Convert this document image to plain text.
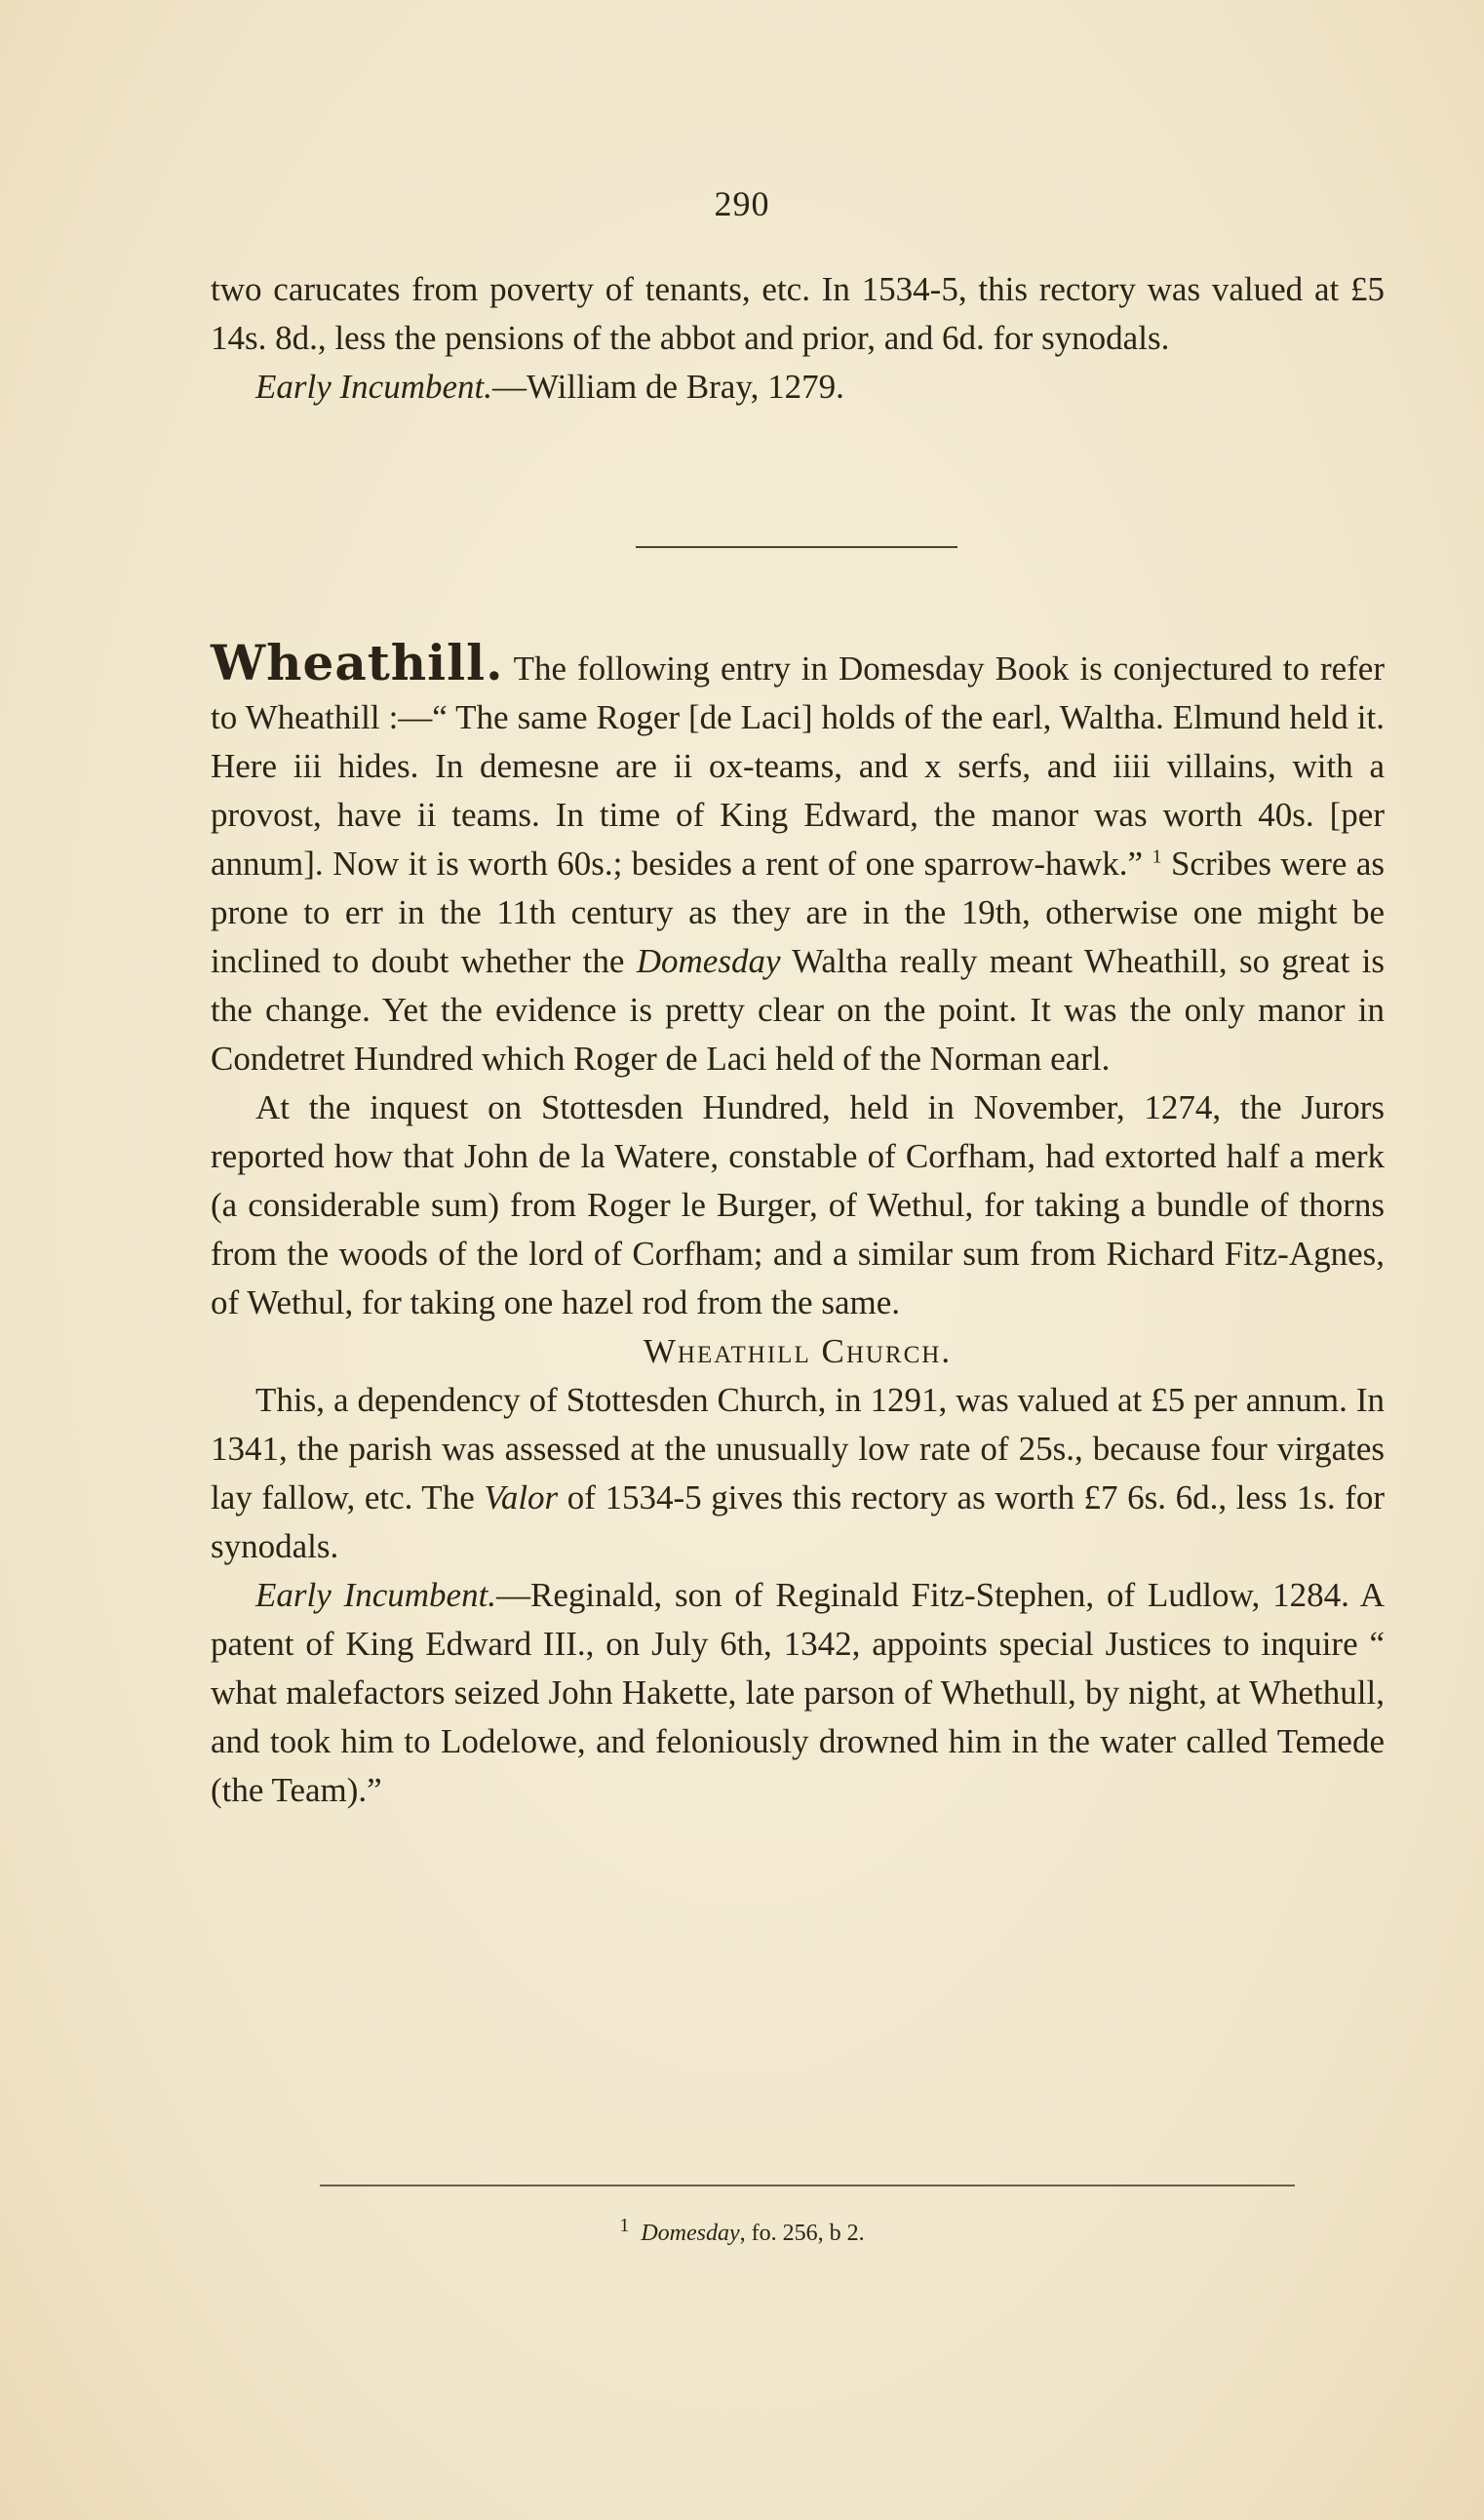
290

two carucates from poverty of tenants, etc. In 1534-5, this rectory was valued at £5 14s. 8d., less the pensions of the abbot and prior, and 6d. for synodals.

Early Incumbent.—William de Bray, 1279.

Wheathill. The following entry in Domesday Book is conjectured to refer to Wheathill :—“ The same Roger [de Laci] holds of the earl, Waltha. Elmund held it. Here iii hides. In demesne are ii ox-teams, and x serfs, and iiii villains, with a provost, have ii teams. In time of King Edward, the manor was worth 40s. [per annum]. Now it is worth 60s.; besides a rent of one sparrow-hawk.” $^1$ Scribes were as prone to err in the 11th century as they are in the 19th, otherwise one might be inclined to doubt whether the Domesday Waltha really meant Wheathill, so great is the change. Yet the evidence is pretty clear on the point. It was the only manor in Condetret Hundred which Roger de Laci held of the Norman earl.

At the inquest on Stottesden Hundred, held in November, 1274, the Jurors reported how that John de la Watere, constable of Corfham, had extorted half a merk (a considerable sum) from Roger le Burger, of Wethul, for taking a bundle of thorns from the woods of the lord of Corfham; and a similar sum from Richard Fitz-Agnes, of Wethul, for taking one hazel rod from the same.

Wheathill Church.

This, a dependency of Stottesden Church, in 1291, was valued at £5 per annum. In 1341, the parish was assessed at the unusually low rate of 25s., because four virgates lay fallow, etc. The Valor of 1534-5 gives this rectory as worth £7 6s. 6d., less 1s. for synodals.

Early Incumbent.—Reginald, son of Reginald Fitz-Stephen, of Ludlow, 1284. A patent of King Edward III., on July 6th, 1342, appoints special Justices to inquire “ what malefactors seized John Hakette, late parson of Whethull, by night, at Whethull, and took him to Lodelowe, and feloniously drowned him in the water called Temede (the Team).”

$^1$ Domesday, fo. 256, b 2.
